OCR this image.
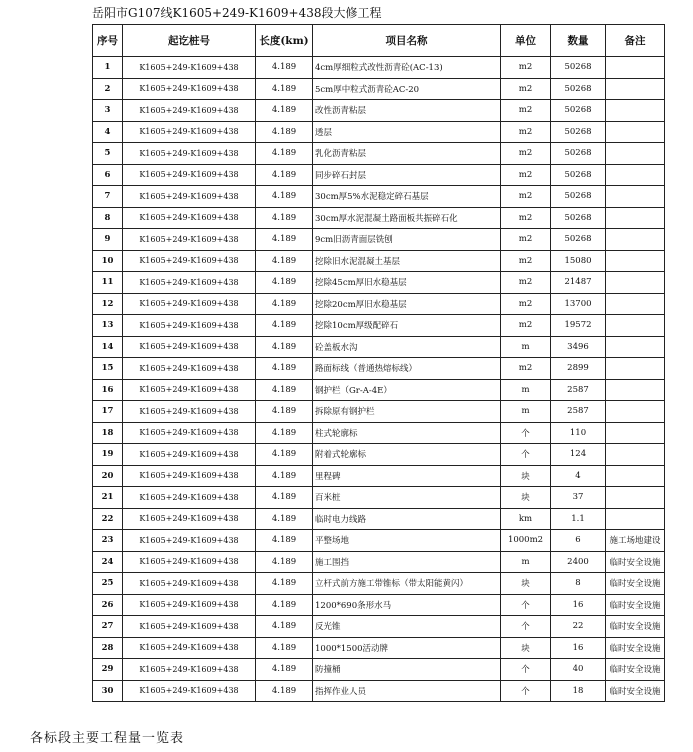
岳阳市G107线K1605+249-K1609+438段大修工程
序号	起讫桩号	长度(km)	项目名称	单位	数量	备注
1	K1605+249-K1609+438	4.189	4cm厚细粒式改性沥青砼(AC-13)	m2	50268	
2	K1605+249-K1609+438	4.189	5cm厚中粒式沥青砼AC-20	m2	50268	
3	K1605+249-K1609+438	4.189	改性沥青粘层	m2	50268	
4	K1605+249-K1609+438	4.189	透层	m2	50268	
5	K1605+249-K1609+438	4.189	乳化沥青粘层	m2	50268	
6	K1605+249-K1609+438	4.189	同步碎石封层	m2	50268	
7	K1605+249-K1609+438	4.189	30cm厚5%水泥稳定碎石基层	m2	50268	
8	K1605+249-K1609+438	4.189	30cm厚水泥混凝土路面板共振碎石化	m2	50268	
9	K1605+249-K1609+438	4.189	9cm旧沥青面层铣刨	m2	50268	
10	K1605+249-K1609+438	4.189	挖除旧水泥混凝土基层	m2	15080	
11	K1605+249-K1609+438	4.189	挖除45cm厚旧水稳基层	m2	21487	
12	K1605+249-K1609+438	4.189	挖除20cm厚旧水稳基层	m2	13700	
13	K1605+249-K1609+438	4.189	挖除10cm厚级配碎石	m2	19572	
14	K1605+249-K1609+438	4.189	砼盖板水沟	m	3496	
15	K1605+249-K1609+438	4.189	路面标线（普通热熔标线）	m2	2899	
16	K1605+249-K1609+438	4.189	钢护栏（Gr-A-4E）	m	2587	
17	K1605+249-K1609+438	4.189	拆除原有钢护栏	m	2587	
18	K1605+249-K1609+438	4.189	柱式轮廓标	个	110	
19	K1605+249-K1609+438	4.189	附着式轮廓标	个	124	
20	K1605+249-K1609+438	4.189	里程碑	块	4	
21	K1605+249-K1609+438	4.189	百米桩	块	37	
22	K1605+249-K1609+438	4.189	临时电力线路	km	1.1	
23	K1605+249-K1609+438	4.189	平整场地	1000m2	6	施工场地建设
24	K1605+249-K1609+438	4.189	施工围挡	m	2400	临时安全设施
25	K1605+249-K1609+438	4.189	立杆式前方施工带锥标（带太阳能黄闪）	块	8	临时安全设施
26	K1605+249-K1609+438	4.189	1200*690条形水马	个	16	临时安全设施
27	K1605+249-K1609+438	4.189	反光锥	个	22	临时安全设施
28	K1605+249-K1609+438	4.189	1000*1500活动牌	块	16	临时安全设施
29	K1605+249-K1609+438	4.189	防撞桶	个	40	临时安全设施
30	K1605+249-K1609+438	4.189	指挥作业人员	个	18	临时安全设施
各标段主要工程量一览表
